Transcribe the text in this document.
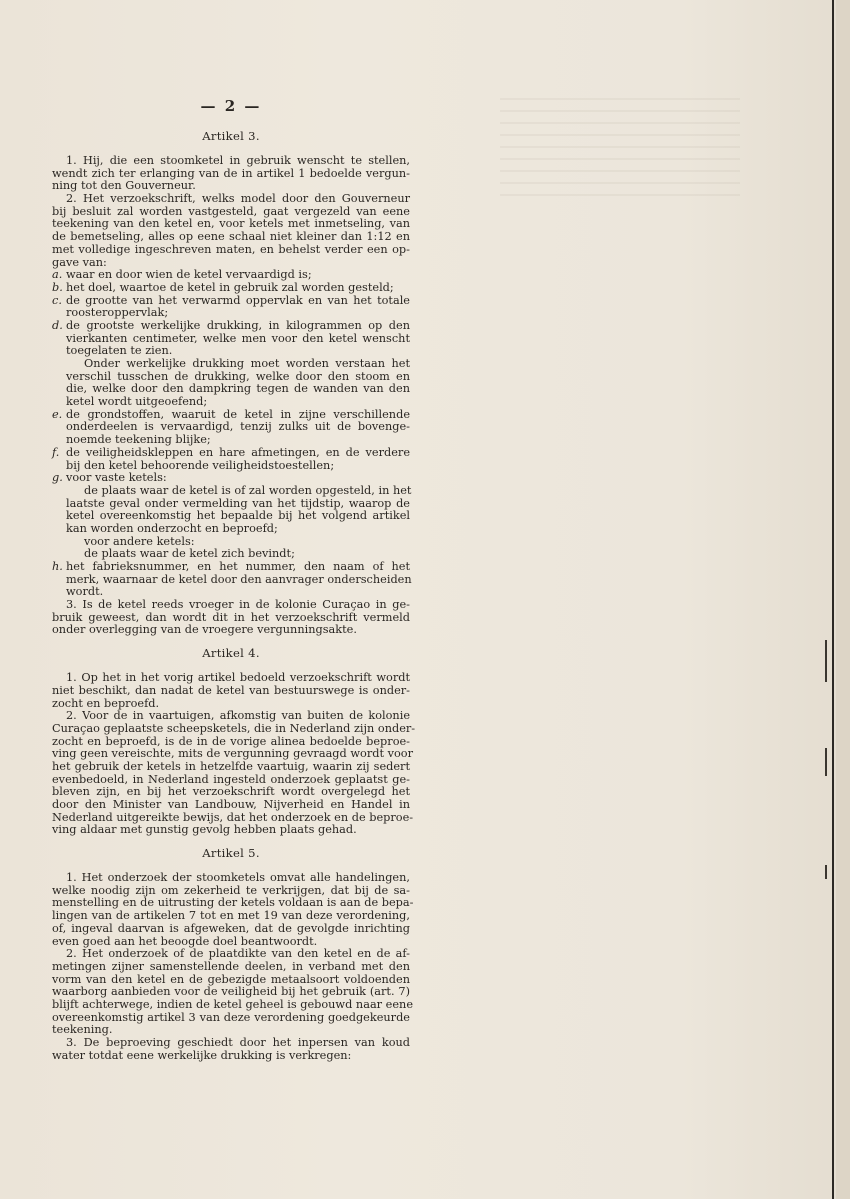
— 2 —
Artikel 3.
1. Hij, die een stoomketel in gebruik wenscht te stellen,
wendt zich ter erlanging van de in artikel 1 bedoelde vergun-
ning tot den Gouverneur.
2. Het verzoekschrift, welks model door den Gouverneur
bij besluit zal worden vastgesteld, gaat vergezeld van eene
teekening van den ketel en, voor ketels met inmetseling, van
de bemetseling, alles op eene schaal niet kleiner dan 1:12 en
met volledige ingeschreven maten, en behelst verder een op-
gave van:
a. waar en door wien de ketel vervaardigd is;
b. het doel, waartoe de ketel in gebruik zal worden gesteld;
c. de grootte van het verwarmd oppervlak en van het totale
roosteroppervlak;
d. de grootste werkelijke drukking, in kilogrammen op den
vierkanten centimeter, welke men voor den ketel wenscht
toegelaten te zien.
Onder werkelijke drukking moet worden verstaan het
verschil tusschen de drukking, welke door den stoom en
die, welke door den dampkring tegen de wanden van den
ketel wordt uitgeoefend;
e. de grondstoffen, waaruit de ketel in zijne verschillende
onderdeelen is vervaardigd, tenzij zulks uit de bovenge-
noemde teekening blijke;
f. de veiligheidskleppen en hare afmetingen, en de verdere
bij den ketel behoorende veiligheidstoestellen;
g. voor vaste ketels:
de plaats waar de ketel is of zal worden opgesteld, in het
laatste geval onder vermelding van het tijdstip, waarop de
ketel overeenkomstig het bepaalde bij het volgend artikel
kan worden onderzocht en beproefd;
voor andere ketels:
de plaats waar de ketel zich bevindt;
h. het fabrieksnummer, en het nummer, den naam of het
merk, waarnaar de ketel door den aanvrager onderscheiden
wordt.
3. Is de ketel reeds vroeger in de kolonie Curaçao in ge-
bruik geweest, dan wordt dit in het verzoekschrift vermeld
onder overlegging van de vroegere vergunningsakte.
Artikel 4.
1. Op het in het vorig artikel bedoeld verzoekschrift wordt
niet beschikt, dan nadat de ketel van bestuurswege is onder-
zocht en beproefd.
2. Voor de in vaartuigen, afkomstig van buiten de kolonie
Curaçao geplaatste scheepsketels, die in Nederland zijn onder-
zocht en beproefd, is de in de vorige alinea bedoelde beproe-
ving geen vereischte, mits de vergunning gevraagd wordt voor
het gebruik der ketels in hetzelfde vaartuig, waarin zij sedert
evenbedoeld, in Nederland ingesteld onderzoek geplaatst ge-
bleven zijn, en bij het verzoekschrift wordt overgelegd het
door den Minister van Landbouw, Nijverheid en Handel in
Nederland uitgereikte bewijs, dat het onderzoek en de beproe-
ving aldaar met gunstig gevolg hebben plaats gehad.
Artikel 5.
1. Het onderzoek der stoomketels omvat alle handelingen,
welke noodig zijn om zekerheid te verkrijgen, dat bij de sa-
menstelling en de uitrusting der ketels voldaan is aan de bepa-
lingen van de artikelen 7 tot en met 19 van deze verordening,
of, ingeval daarvan is afgeweken, dat de gevolgde inrichting
even goed aan het beoogde doel beantwoordt.
2. Het onderzoek of de plaatdikte van den ketel en de af-
metingen zijner samenstellende deelen, in verband met den
vorm van den ketel en de gebezigde metaalsoort voldoenden
waarborg aanbieden voor de veiligheid bij het gebruik (art. 7)
blijft achterwege, indien de ketel geheel is gebouwd naar eene
overeenkomstig artikel 3 van deze verordening goedgekeurde
teekening.
3. De beproeving geschiedt door het inpersen van koud
water totdat eene werkelijke drukking is verkregen:
